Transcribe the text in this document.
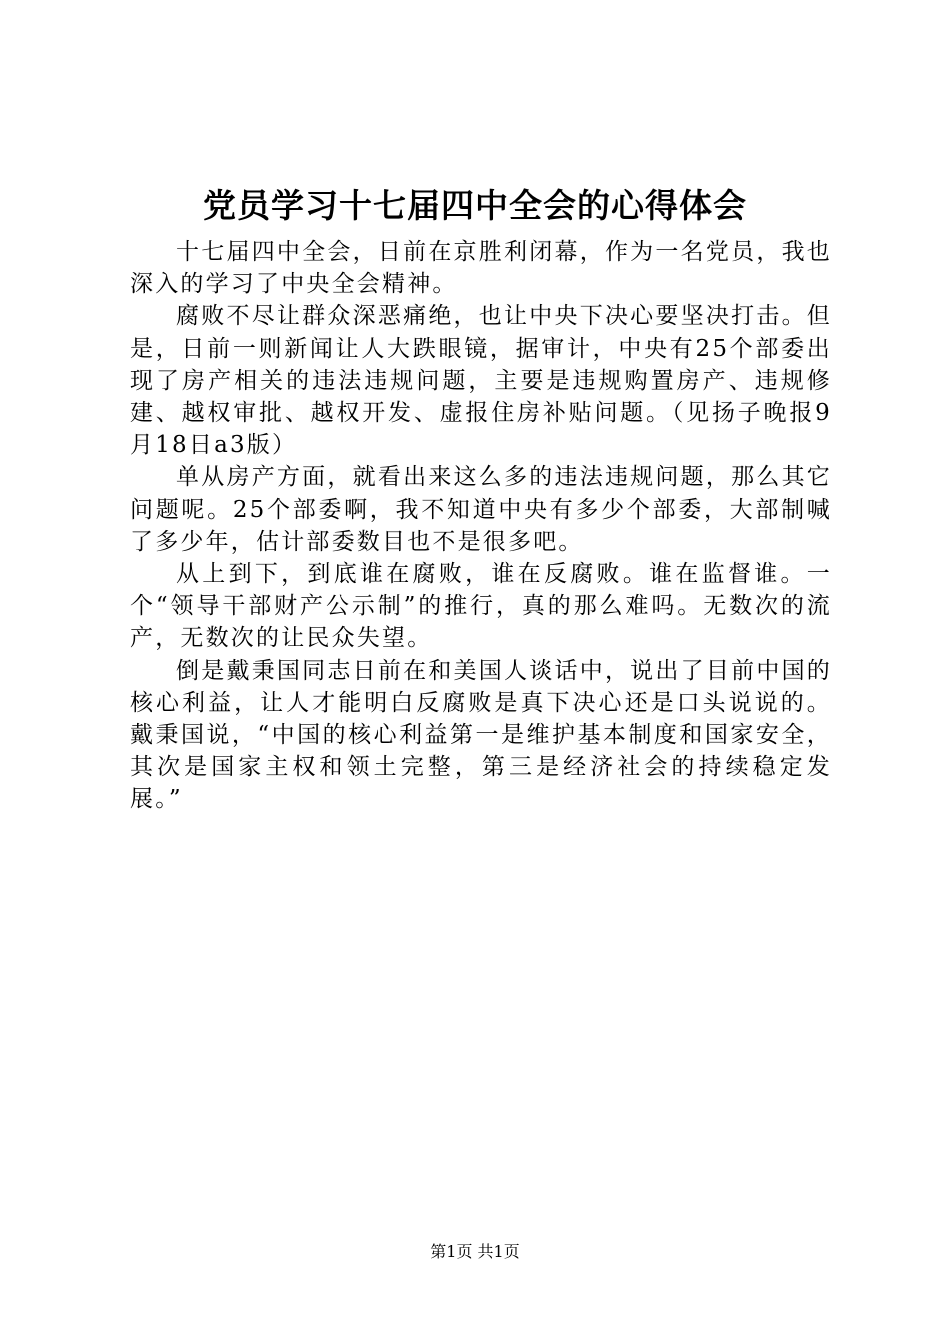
党员学习十七届四中全会的心得体会

十七届四中全会，日前在京胜利闭幕，作为一名党员，我也深入的学习了中央全会精神。

腐败不尽让群众深恶痛绝，也让中央下决心要坚决打击。但是，日前一则新闻让人大跌眼镜，据审计，中央有25个部委出现了房产相关的违法违规问题，主要是违规购置房产、违规修建、越权审批、越权开发、虚报住房补贴问题。（见扬子晚报9月18日a3版）

单从房产方面，就看出来这么多的违法违规问题，那么其它问题呢。25个部委啊，我不知道中央有多少个部委，大部制喊了多少年，估计部委数目也不是很多吧。

从上到下，到底谁在腐败，谁在反腐败。谁在监督谁。一个“领导干部财产公示制”的推行，真的那么难吗。无数次的流产，无数次的让民众失望。

倒是戴秉国同志日前在和美国人谈话中，说出了目前中国的核心利益，让人才能明白反腐败是真下决心还是口头说说的。戴秉国说，“中国的核心利益第一是维护基本制度和国家安全，其次是国家主权和领土完整，第三是经济社会的持续稳定发展。”

第1页 共1页
